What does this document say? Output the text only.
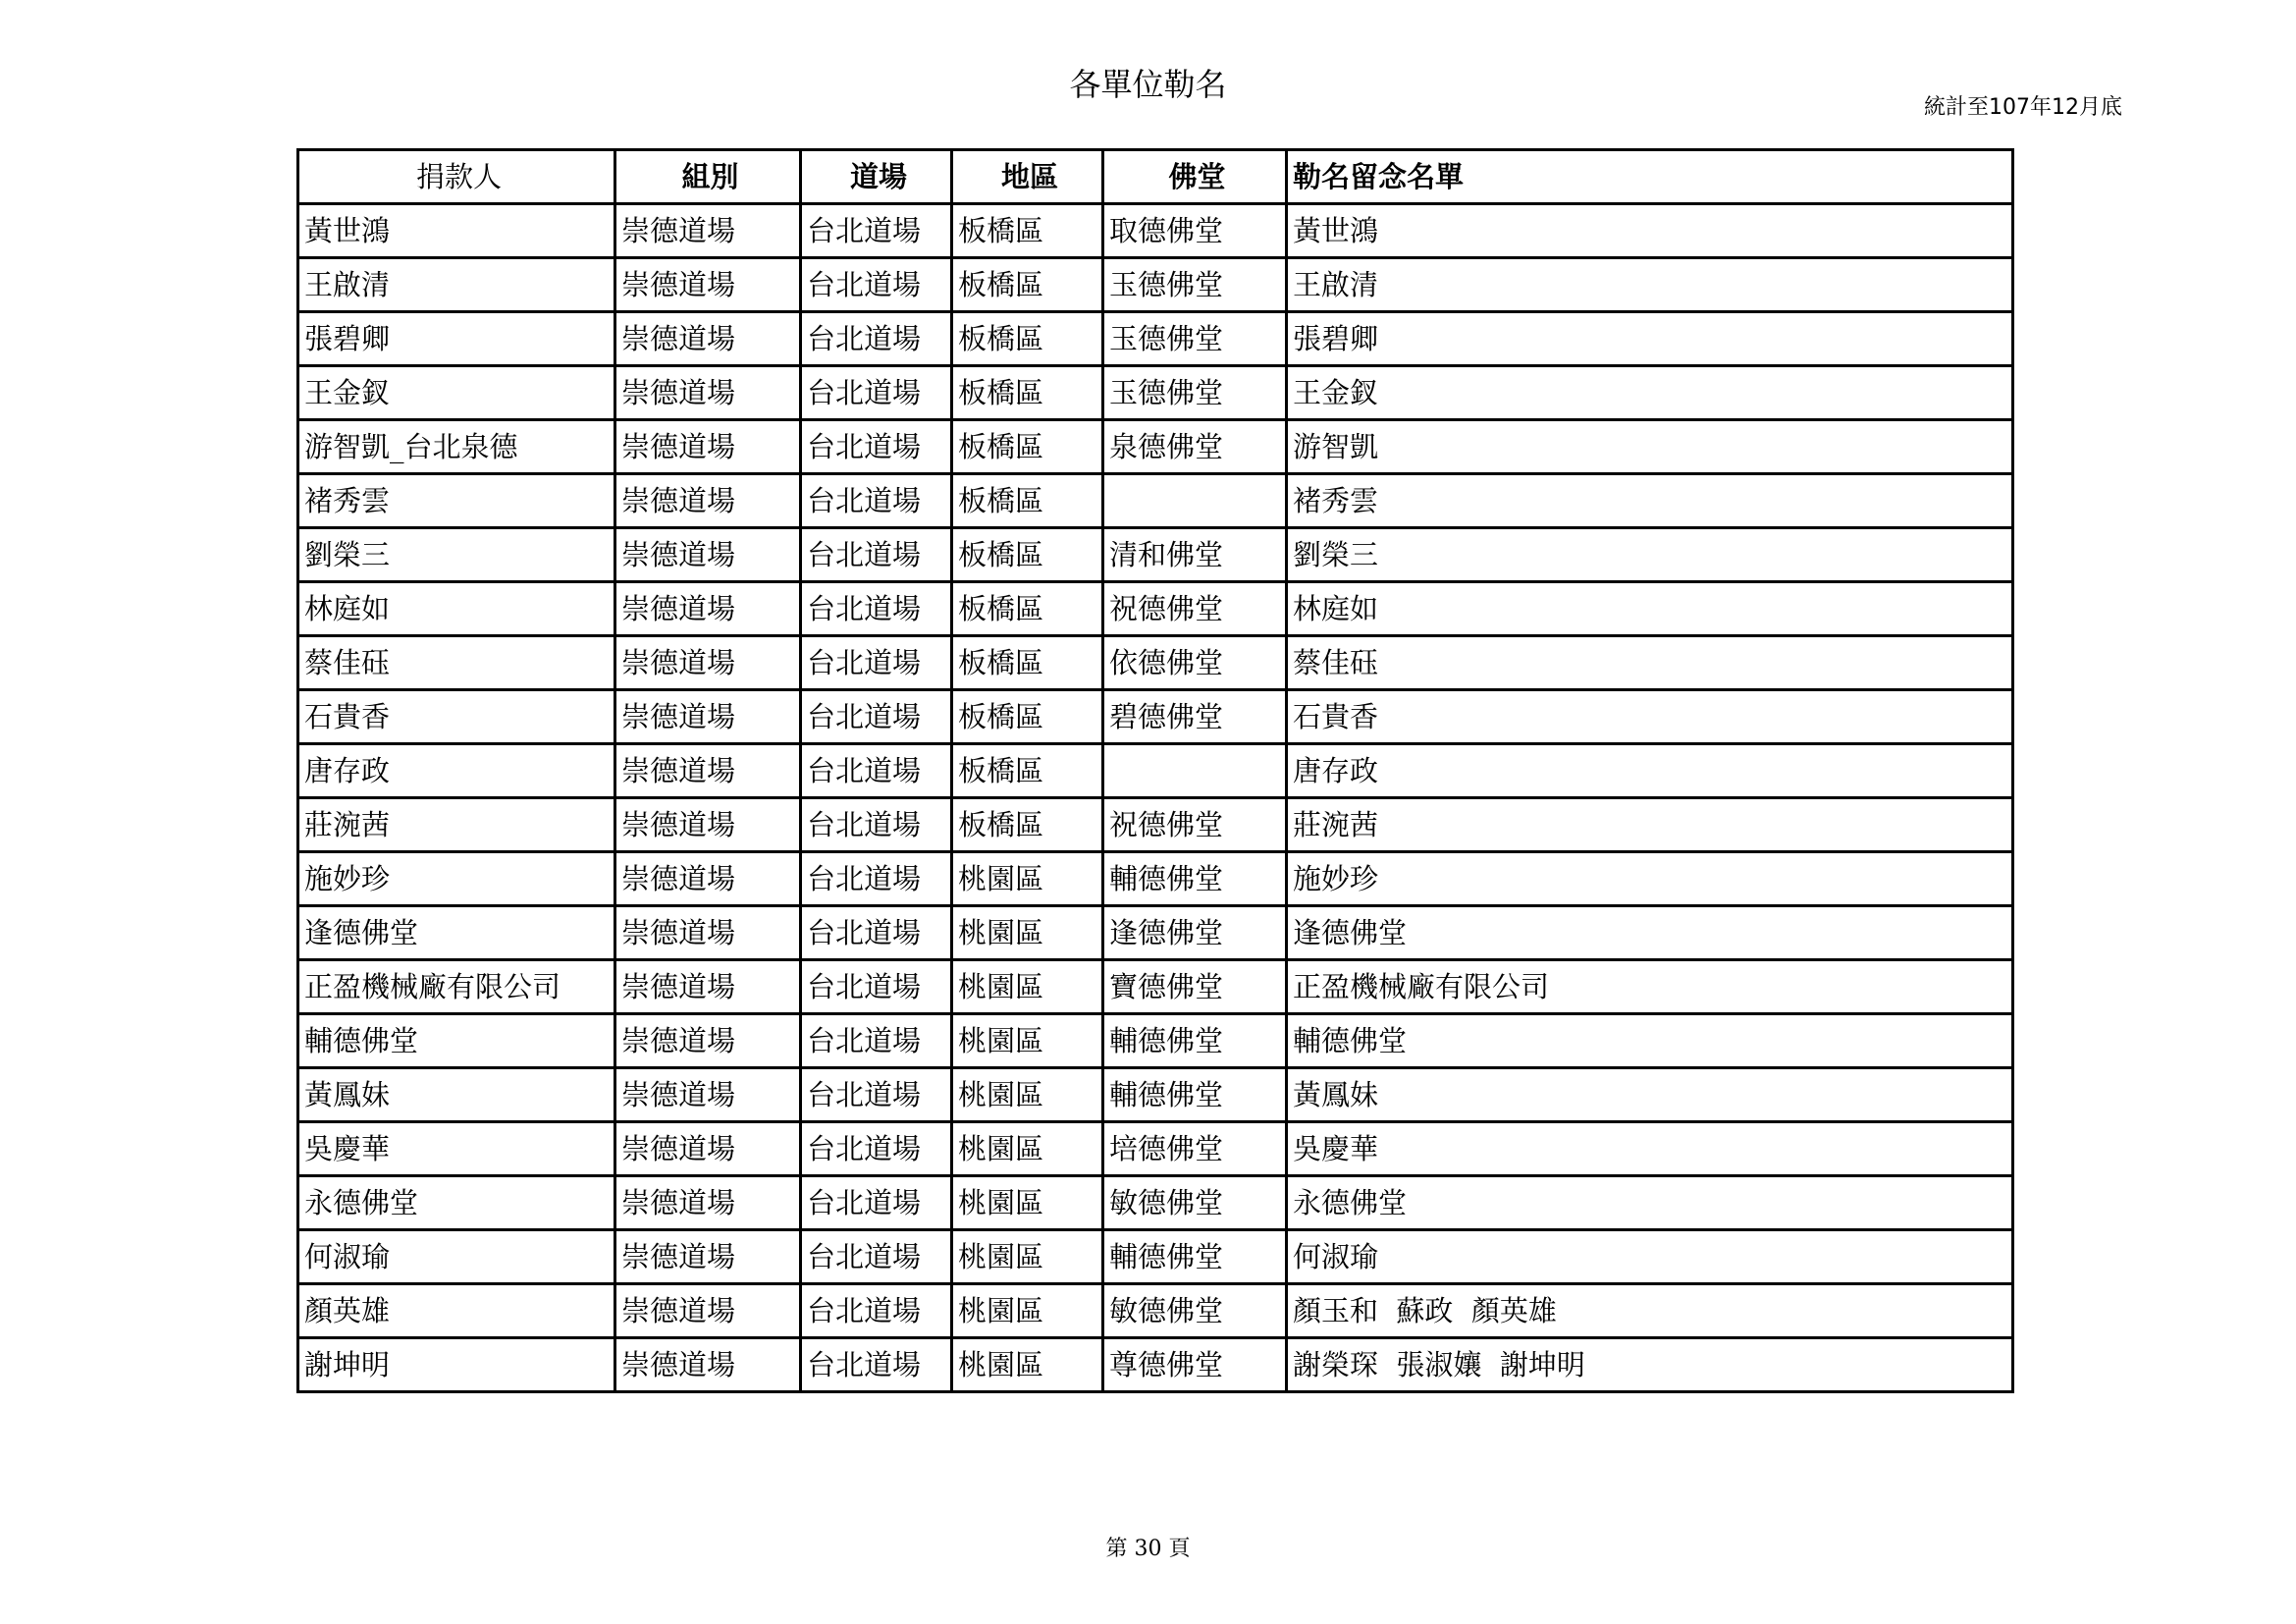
各單位勒名
統計至107年12月底
捐款人	組別	道場	地區	佛堂	勒名留念名單
黃世鴻	崇德道場	台北道場	板橋區	取德佛堂	黃世鴻
王啟清	崇德道場	台北道場	板橋區	玉德佛堂	王啟清
張碧卿	崇德道場	台北道場	板橋區	玉德佛堂	張碧卿
王金釵	崇德道場	台北道場	板橋區	玉德佛堂	王金釵
游智凱_台北泉德	崇德道場	台北道場	板橋區	泉德佛堂	游智凱
褚秀雲	崇德道場	台北道場	板橋區		褚秀雲
劉榮三	崇德道場	台北道場	板橋區	清和佛堂	劉榮三
林庭如	崇德道場	台北道場	板橋區	祝德佛堂	林庭如
蔡佳砡	崇德道場	台北道場	板橋區	依德佛堂	蔡佳砡
石貴香	崇德道場	台北道場	板橋區	碧德佛堂	石貴香
唐存政	崇德道場	台北道場	板橋區		唐存政
莊涴茜	崇德道場	台北道場	板橋區	祝德佛堂	莊涴茜
施妙珍	崇德道場	台北道場	桃園區	輔德佛堂	施妙珍
逢德佛堂	崇德道場	台北道場	桃園區	逢德佛堂	逢德佛堂
正盈機械廠有限公司	崇德道場	台北道場	桃園區	寶德佛堂	正盈機械廠有限公司
輔德佛堂	崇德道場	台北道場	桃園區	輔德佛堂	輔德佛堂
黃鳳妹	崇德道場	台北道場	桃園區	輔德佛堂	黃鳳妹
吳慶華	崇德道場	台北道場	桃園區	培德佛堂	吳慶華
永德佛堂	崇德道場	台北道場	桃園區	敏德佛堂	永德佛堂
何淑瑜	崇德道場	台北道場	桃園區	輔德佛堂	何淑瑜
顏英雄	崇德道場	台北道場	桃園區	敏德佛堂	顏玉和  蘇政  顏英雄
謝坤明	崇德道場	台北道場	桃園區	尊德佛堂	謝榮琛  張淑孃  謝坤明
第 30 頁
